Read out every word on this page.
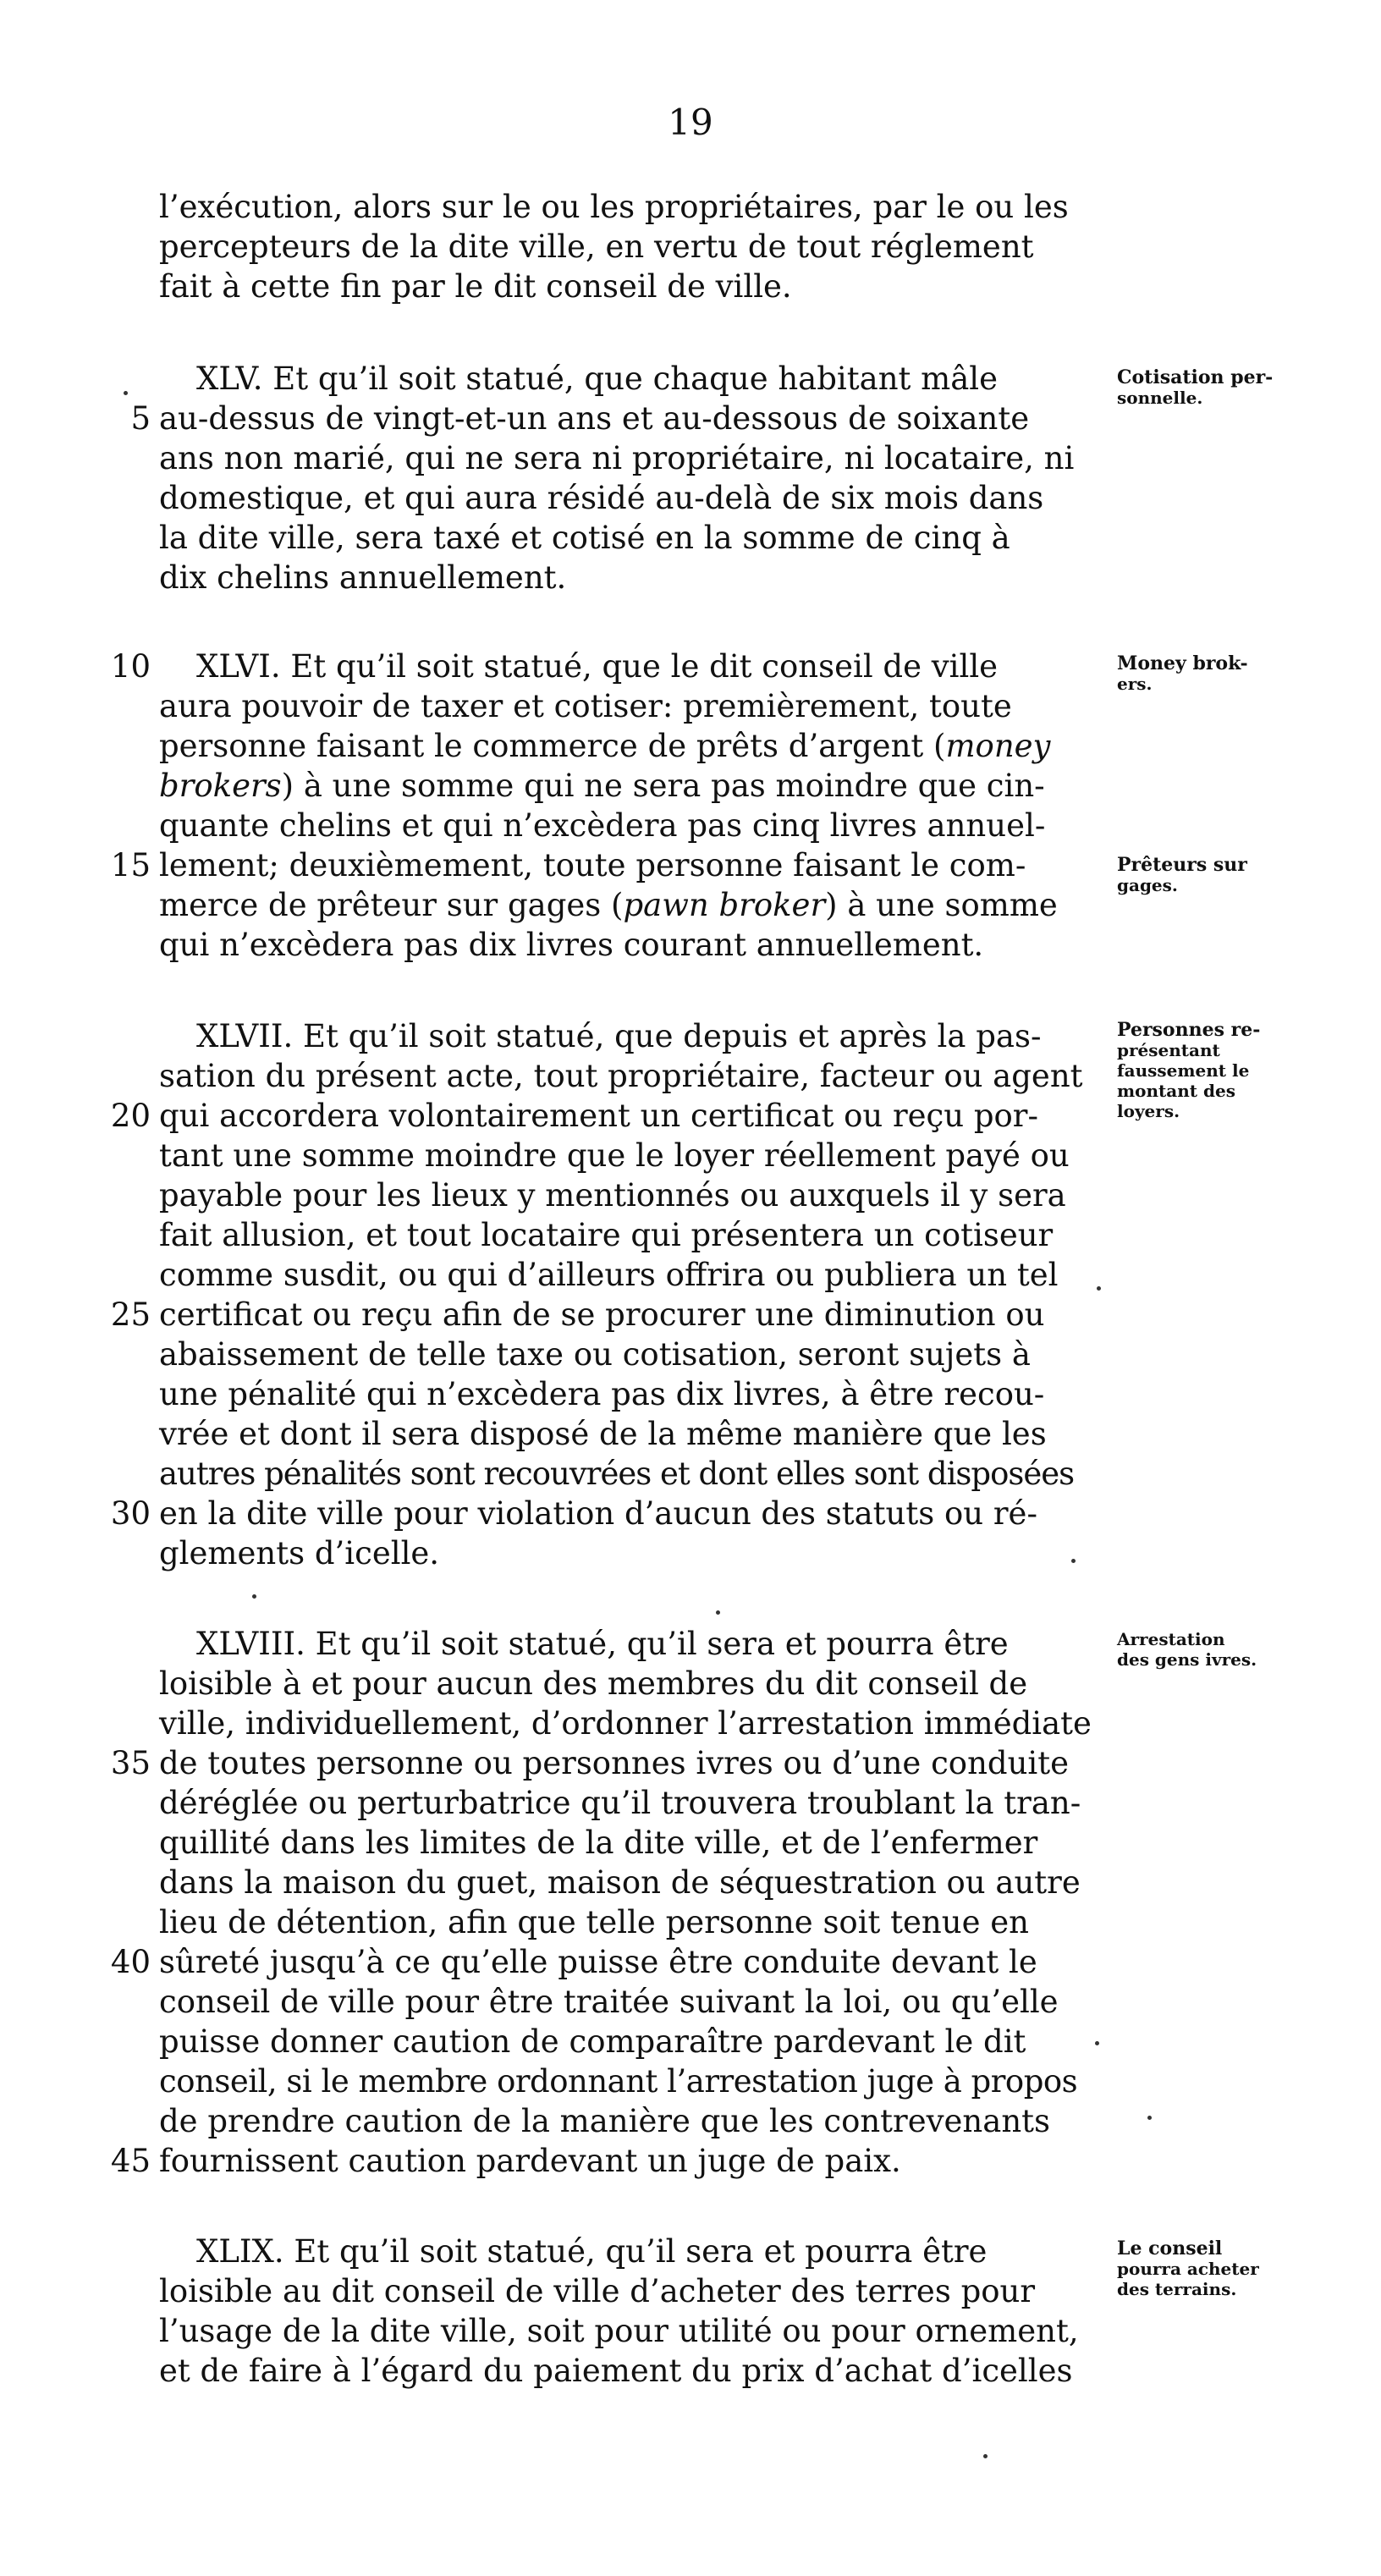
19
l’exécution, alors sur le ou les propriétaires, par le ou les
percepteurs de la dite ville, en vertu de tout réglement
fait à cette fin par le dit conseil de ville.
XLV. Et qu’il soit statué, que chaque habitant mâle
5 au-dessus de vingt-et-un ans et au-dessous de soixante
ans non marié, qui ne sera ni propriétaire, ni locataire, ni
domestique, et qui aura résidé au-delà de six mois dans
la dite ville, sera taxé et cotisé en la somme de cinq à
dix chelins annuellement.
Cotisation per-
sonnelle.
10 XLVI. Et qu’il soit statué, que le dit conseil de ville
aura pouvoir de taxer et cotiser: premièrement, toute
personne faisant le commerce de prêts d’argent (money
brokers) à une somme qui ne sera pas moindre que cin-
quante chelins et qui n’excèdera pas cinq livres annuel-
15 lement; deuxièmement, toute personne faisant le com-
merce de prêteur sur gages (pawn broker) à une somme
qui n’excèdera pas dix livres courant annuellement.
Money brok-
ers.
Prêteurs sur
gages.
XLVII. Et qu’il soit statué, que depuis et après la pas-
sation du présent acte, tout propriétaire, facteur ou agent
20 qui accordera volontairement un certificat ou reçu por-
tant une somme moindre que le loyer réellement payé ou
payable pour les lieux y mentionnés ou auxquels il y sera
fait allusion, et tout locataire qui présentera un cotiseur
comme susdit, ou qui d’ailleurs offrira ou publiera un tel
25 certificat ou reçu afin de se procurer une diminution ou
abaissement de telle taxe ou cotisation, seront sujets à
une pénalité qui n’excèdera pas dix livres, à être recou-
vrée et dont il sera disposé de la même manière que les
autres pénalités sont recouvrées et dont elles sont disposées
30 en la dite ville pour violation d’aucun des statuts ou ré-
glements d’icelle.
Personnes re-
présentant
faussement le
montant des
loyers.
XLVIII. Et qu’il soit statué, qu’il sera et pourra être
loisible à et pour aucun des membres du dit conseil de
ville, individuellement, d’ordonner l’arrestation immédiate
35 de toutes personne ou personnes ivres ou d’une conduite
déréglée ou perturbatrice qu’il trouvera troublant la tran-
quillité dans les limites de la dite ville, et de l’enfermer
dans la maison du guet, maison de séquestration ou autre
lieu de détention, afin que telle personne soit tenue en
40 sûreté jusqu’à ce qu’elle puisse être conduite devant le
conseil de ville pour être traitée suivant la loi, ou qu’elle
puisse donner caution de comparaître pardevant le dit
conseil, si le membre ordonnant l’arrestation juge à propos
de prendre caution de la manière que les contrevenants
45 fournissent caution pardevant un juge de paix.
Arrestation
des gens ivres.
XLIX. Et qu’il soit statué, qu’il sera et pourra être
loisible au dit conseil de ville d’acheter des terres pour
l’usage de la dite ville, soit pour utilité ou pour ornement,
et de faire à l’égard du paiement du prix d’achat d’icelles
Le conseil
pourra acheter
des terrains.
